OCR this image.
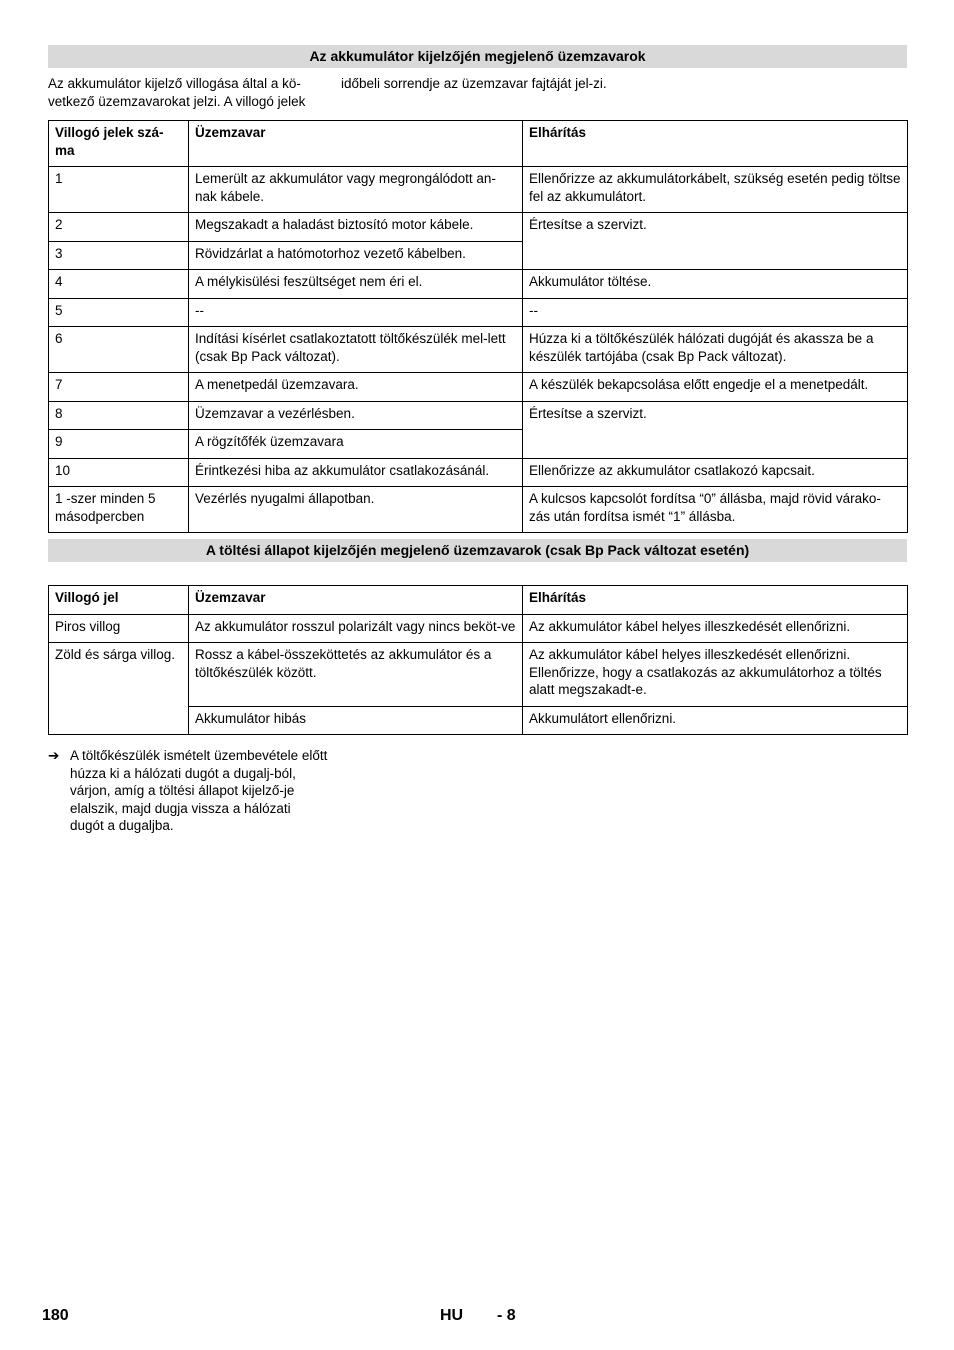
Az akkumulátor kijelzőjén megjelenő üzemzavarok

Az akkumulátor kijelző villogása által a kö-vetkező üzemzavarokat jelzi. A villogó jelek

időbeli sorrendje az üzemzavar fajtáját jel-zi.

Villogó jelek szá-ma	Üzemzavar	Elhárítás
1	Lemerült az akkumulátor vagy megrongálódott an-nak kábele.	Ellenőrizze az akkumulátorkábelt, szükség esetén pedig töltse fel az akkumulátort.
2	Megszakadt a haladást biztosító motor kábele.	Értesítse a szervizt.
3	Rövidzárlat a hatómotorhoz vezető kábelben.	
4	A mélykisülési feszültséget nem éri el.	Akkumulátor töltése.
5	--	--
6	Indítási kísérlet csatlakoztatott töltőkészülék mel-lett (csak Bp Pack változat).	Húzza ki a töltőkészülék hálózati dugóját és akassza be a készülék tartójába (csak Bp Pack változat).
7	A menetpedál üzemzavara.	A készülék bekapcsolása előtt engedje el a menetpedált.
8	Üzemzavar a vezérlésben.	Értesítse a szervizt.
9	A rögzítőfék üzemzavara	
10	Érintkezési hiba az akkumulátor csatlakozásánál.	Ellenőrizze az akkumulátor csatlakozó kapcsait.
1 -szer minden 5 másodpercben	Vezérlés nyugalmi állapotban.	A kulcsos kapcsolót fordítsa “0” állásba, majd rövid várako-zás után fordítsa ismét “1” állásba.
A töltési állapot kijelzőjén megjelenő üzemzavarok (csak Bp Pack változat esetén)
Villogó jel	Üzemzavar	Elhárítás
Piros villog	Az akkumulátor rosszul polarizált vagy nincs beköt-ve	Az akkumulátor kábel helyes illeszkedését ellenőrizni.
Zöld és sárga villog.	Rossz a kábel-összeköttetés az akkumulátor és a töltőkészülék között.	Az akkumulátor kábel helyes illeszkedését ellenőrizni. Ellenőrizze, hogy a csatlakozás az akkumulátorhoz a töltés alatt megszakadt-e.
	Akkumulátor hibás	Akkumulátort ellenőrizni.
➔ A töltőkészülék ismételt üzembevétele előtt húzza ki a hálózati dugót a dugalj-ból, várjon, amíg a töltési állapot kijelző-je elalszik, majd dugja vissza a hálózati dugót a dugaljba.

180	HU - 8
